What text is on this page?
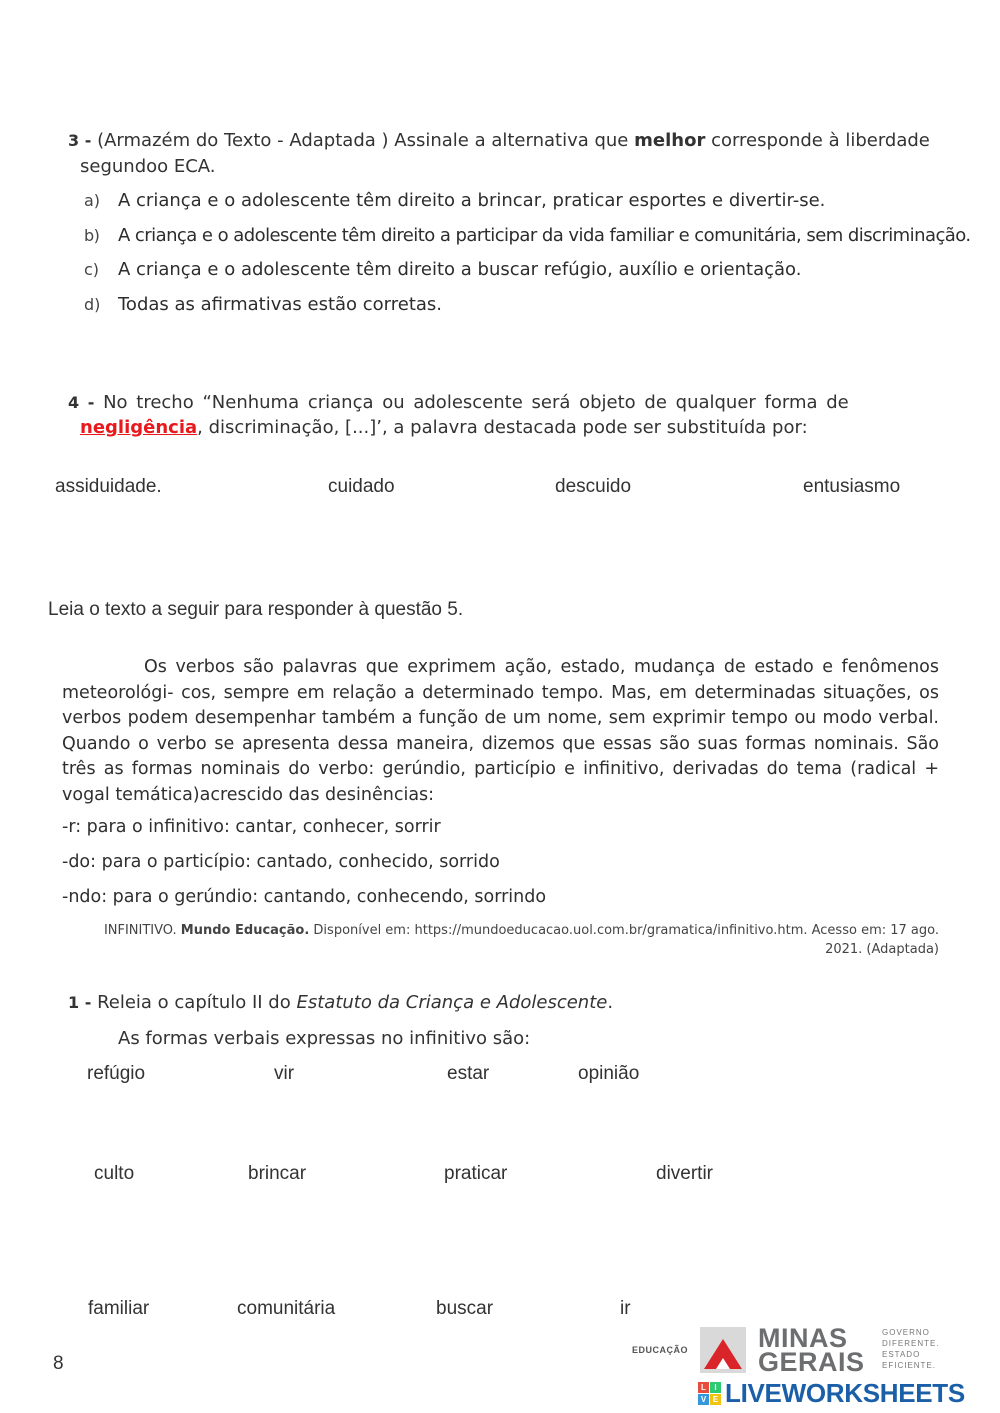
3 - (Armazém do Texto - Adaptada ) Assinale a alternativa que melhor corresponde à liberdade
segundoo ECA.
a) A criança e o adolescente têm direito a brincar, praticar esportes e divertir-se.
b) A criança e o adolescente têm direito a participar da vida familiar e comunitária, sem discriminação.
c) A criança e o adolescente têm direito a buscar refúgio, auxílio e orientação.
d) Todas as afirmativas estão corretas.
4 - No trecho “Nenhuma criança ou adolescente será objeto de qualquer forma de
negligência, discriminação, [...]’, a palavra destacada pode ser substituída por:
assiduidade.	cuidado	descuido	entusiasmo
Leia o texto a seguir para responder à questão 5.
Os verbos são palavras que exprimem ação, estado, mudança de estado e fenômenos meteorológi- cos, sempre em relação a determinado tempo. Mas, em determinadas situações, os verbos podem desempenhar também a função de um nome, sem exprimir tempo ou modo verbal. Quando o verbo se apresenta dessa maneira, dizemos que essas são suas formas nominais. São três as formas nominais do verbo: gerúndio, particípio e infinitivo, derivadas do tema (radical + vogal temática)acrescido das desinências:
-r: para o infinitivo: cantar, conhecer, sorrir
-do: para o particípio: cantado, conhecido, sorrido
-ndo: para o gerúndio: cantando, conhecendo, sorrindo
INFINITIVO. Mundo Educação. Disponível em: https://mundoeducacao.uol.com.br/gramatica/infinitivo.htm. Acesso em: 17 ago.
2021. (Adaptada)
1 - Releia o capítulo II do Estatuto da Criança e Adolescente.
As formas verbais expressas no infinitivo são:
refúgio	vir	estar	opinião
culto	brincar	praticar	divertir
familiar	comunitária	buscar	ir
8
EDUCAÇÃO	MINAS
GERAIS
GOVERNO
DIFERENTE.
ESTADO
EFICIENTE.
L	I
V E LIVEWORKSHEETS
